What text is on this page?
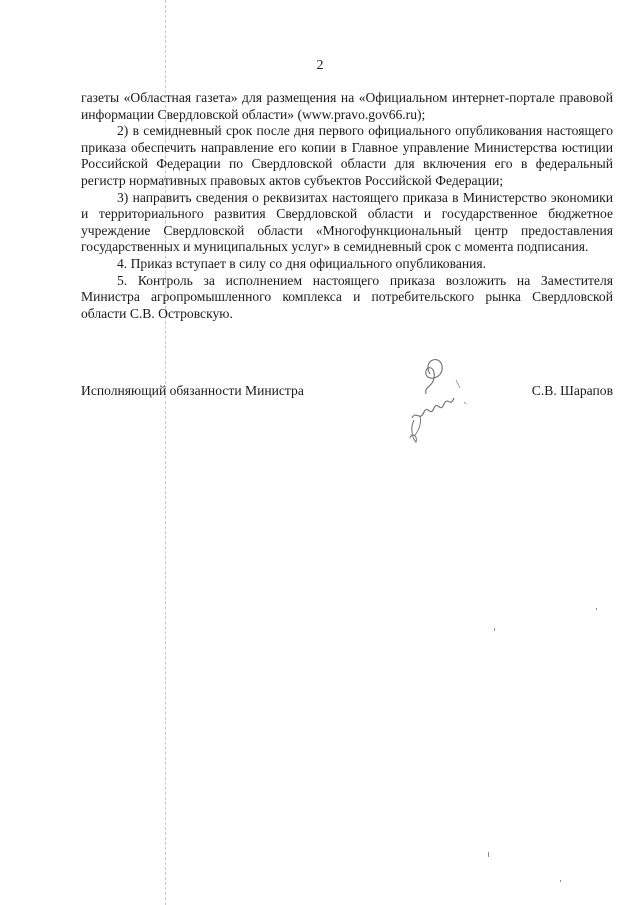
2

газеты «Областная газета» для размещения на «Официальном интернет-портале правовой информации Свердловской области» (www.pravo.gov66.ru);

2) в семидневный срок после дня первого официального опубликования настоящего приказа обеспечить направление его копии в Главное управление Министерства юстиции Российской Федерации по Свердловской области для включения его в федеральный регистр нормативных правовых актов субъектов Российской Федерации;

3) направить сведения о реквизитах настоящего приказа в Министерство экономики и территориального развития Свердловской области и государственное бюджетное учреждение Свердловской области «Многофункциональный центр предоставления государственных и муниципальных услуг» в семидневный срок с момента подписания.

4. Приказ вступает в силу со дня официального опубликования.

5. Контроль за исполнением настоящего приказа возложить на Заместителя Министра агропромышленного комплекса и потребительского рынка Свердловской области С.В. Островскую.

Исполняющий обязанности Министра	С.В. Шарапов
